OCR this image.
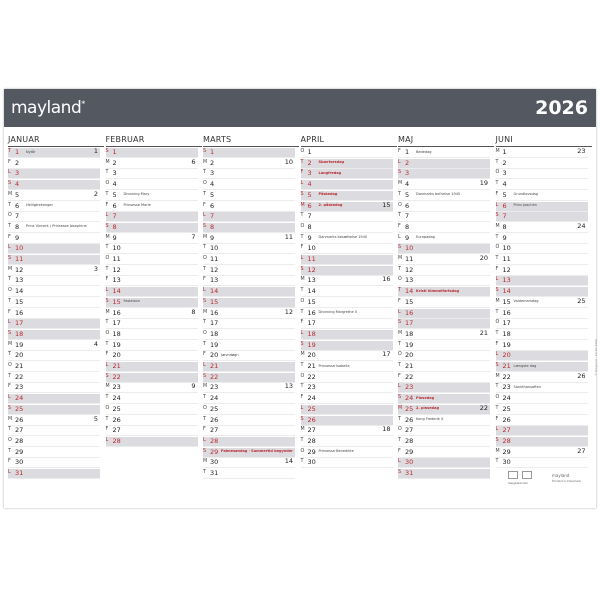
mayland*	2026
JANUAR
T 1 Nytår	1
F 2
L 3
S 4
M 5	2
T 6 Helligtrekonger
O 7
T 8 Prins Vincent / Prinsesse Josephine
F 9
L 10
S 11
M 12	3
T 13
O 14
T 15
F 16
L 17
S 18
M 19	4
T 20
O 21
T 22
F 23
L 24
S 25
M 26	5
T 27
O 28
T 29
F 30
L 31
FEBRUAR
S 1
M 2	6
T 3
O 4
T 5 Dronning Mary
F 6 Prinsesse Marie
L 7
S 8
M 9	7
T 10
O 11
T 12
F 13
L 14
S 15 Fastelavn
M 16	8
T 17
O 18
T 19
F 20
L 21
S 22
M 23	9
T 24
O 25
T 26
F 27
L 28
MARTS
S 1
M 2	10
T 3
O 4
T 5
F 6
L 7
S 8
M 9	11
T 10
O 11
T 12
F 13
L 14
S 15
M 16	12
T 17
O 18
T 19
F 20 Jævndøgn
L 21
S 22
M 23	13
T 24
O 25
T 26
F 27
L 28
S 29 Palmesøndag · Sommertid begynder
M 30	14
T 31
APRIL
O 1
T 2 Skærtorsdag
F 3 Langfredag
L 4
S 5 Påskedag
M 6 2. påskedag	15
T 7
O 8
T 9 Danmarks besættelse 1940
F 10
L 11
S 12
M 13	16
T 14
O 15
T 16 Dronning Margrethe II
F 17
L 18
S 19
M 20	17
T 21 Prinsesse Isabella
O 22
T 23
F 24
L 25
S 26
M 27	18
T 28
O 29 Prinsesse Benedikte
T 30
MAJ
F 1 Bededag
L 2
S 3
M 4	19
T 5 Danmarks befrielse 1945
O 6
T 7
F 8
L 9 Europadag
S 10
M 11	20
T 12
O 13
T 14 Kristi himmelfartsdag
F 15
L 16
S 17
M 18	21
T 19
O 20
T 21
F 22
L 23
S 24 Pinsedag
M 25 2. pinsedag	22
T 26 Kong Frederik X
O 27
T 28
F 29
L 30
S 31
JUNI
M 1	23
T 2
O 3
T 4
F 5 Grundlovsdag
L 6 Prins Joachim
S 7
M 8	24
T 9
O 10
T 11
F 12
L 13
S 14
M 15 Valdemarsdag	25
T 16
O 17
T 18
F 19
L 20
S 21 Længste dag
M 22	26
T 23 Sankthansaften
O 24
T 25
F 26
L 27
S 28
M 29	27
T 30
Vægkalender
mayland
Printed in Denmark
© Mayland - 26 66 6680
